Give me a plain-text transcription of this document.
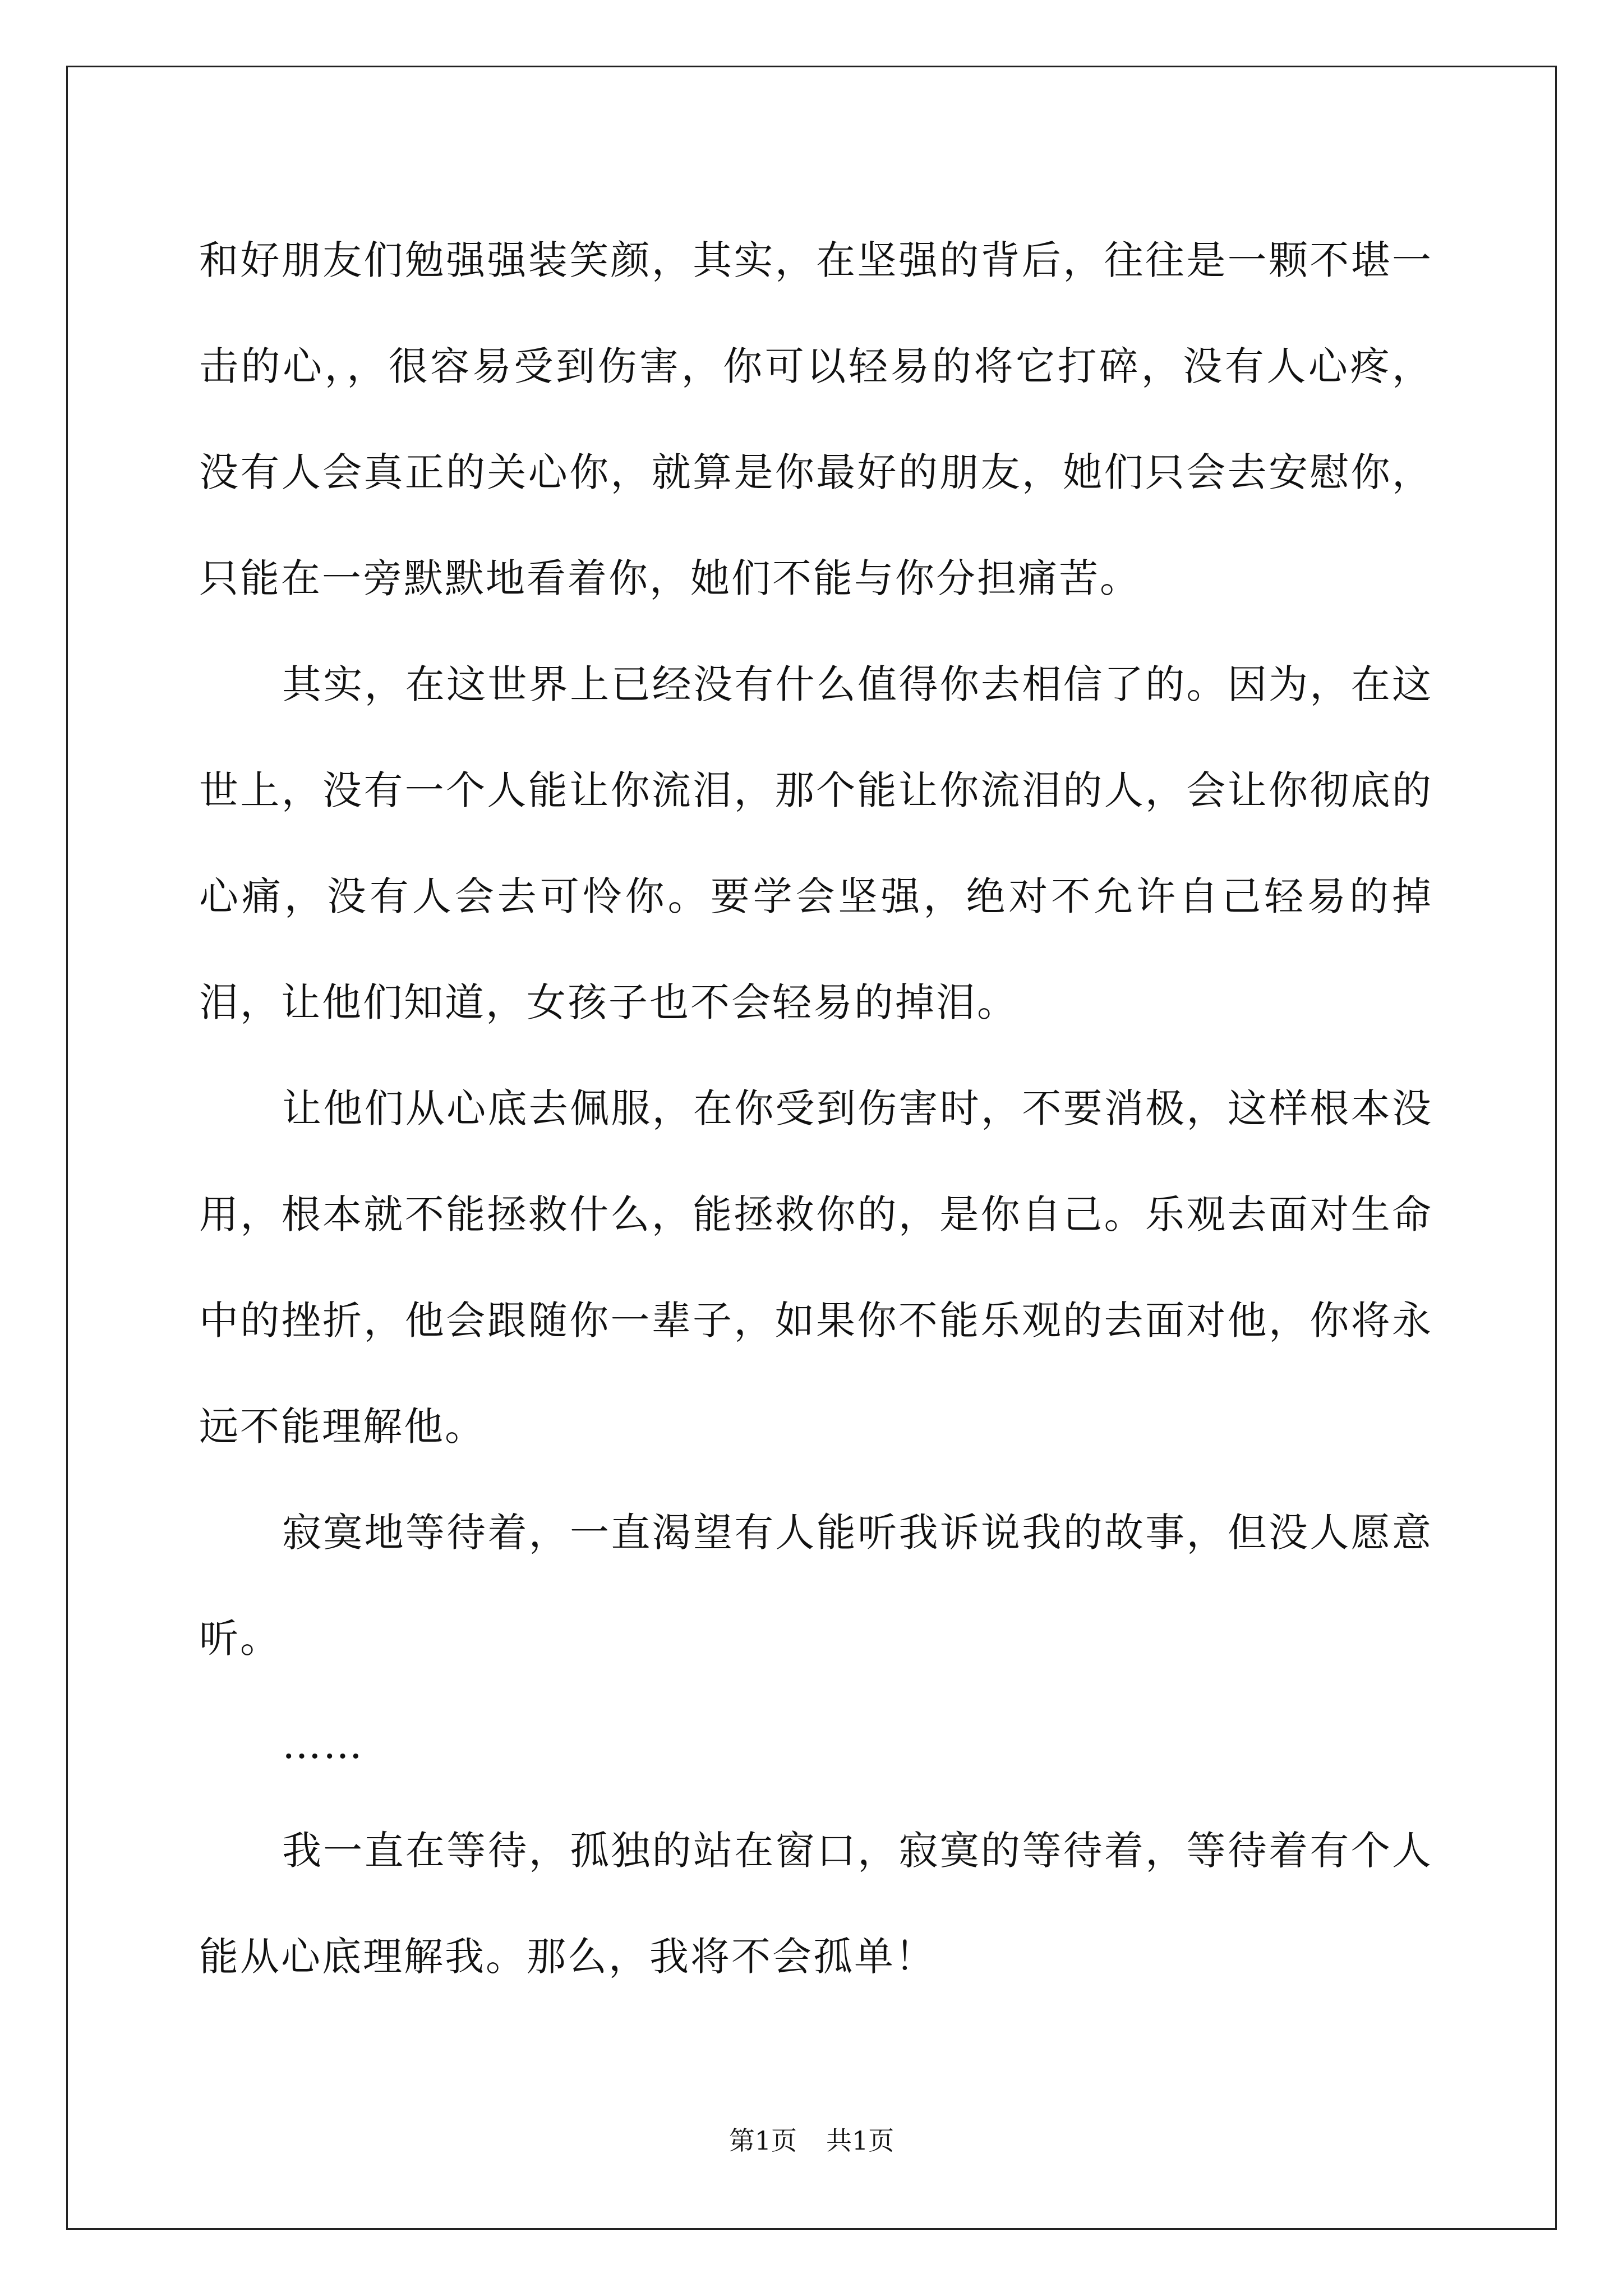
和好朋友们勉强强装笑颜，其实，在坚强的背后，往往是一颗不堪一击的心，，很容易受到伤害，你可以轻易的将它打碎，没有人心疼，没有人会真正的关心你，就算是你最好的朋友，她们只会去安慰你，只能在一旁默默地看着你，她们不能与你分担痛苦。

其实，在这世界上已经没有什么值得你去相信了的。因为，在这世上，没有一个人能让你流泪，那个能让你流泪的人，会让你彻底的心痛，没有人会去可怜你。要学会坚强，绝对不允许自己轻易的掉泪，让他们知道，女孩子也不会轻易的掉泪。

让他们从心底去佩服，在你受到伤害时，不要消极，这样根本没用，根本就不能拯救什么，能拯救你的，是你自己。乐观去面对生命中的挫折，他会跟随你一辈子，如果你不能乐观的去面对他，你将永远不能理解他。

寂寞地等待着，一直渴望有人能听我诉说我的故事，但没人愿意听。

……

我一直在等待，孤独的站在窗口，寂寞的等待着，等待着有个人能从心底理解我。那么，我将不会孤单！

第1页 共1页
